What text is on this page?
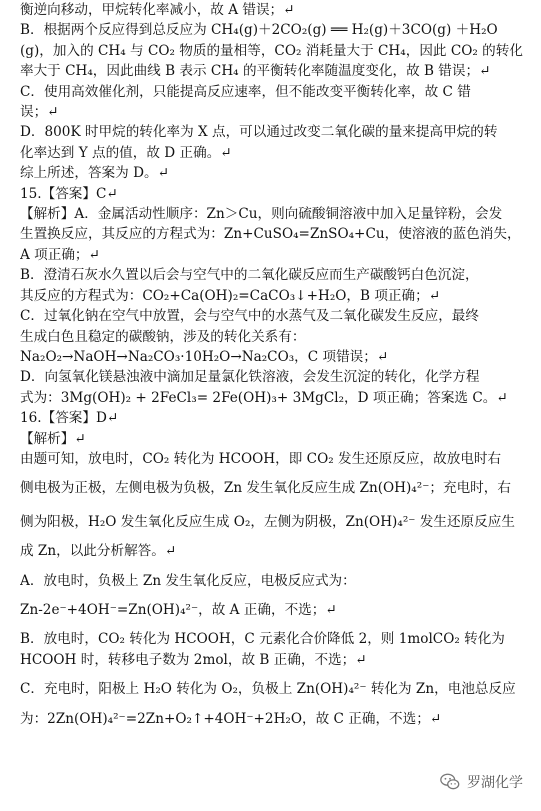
衡逆向移动，甲烷转化率减小，故 A 错误；↵
B．根据两个反应得到总反应为 CH₄(g)＋2CO₂(g) ══ H₂(g)＋3CO(g) ＋H₂O
(g)，加入的 CH₄ 与 CO₂ 物质的量相等，CO₂ 消耗量大于 CH₄，因此 CO₂ 的转化
率大于 CH₄，因此曲线 B 表示 CH₄ 的平衡转化率随温度变化，故 B 错误；↵
C．使用高效催化剂，只能提高反应速率，但不能改变平衡转化率，故 C 错
误；↵
D．800K 时甲烷的转化率为 X 点，可以通过改变二氧化碳的量来提高甲烷的转
化率达到 Y 点的值，故 D 正确。↵
综上所述，答案为 D。↵
15.【答案】C↵
【解析】A．金属活动性顺序：Zn＞Cu，则向硫酸铜溶液中加入足量锌粉，会发
生置换反应，其反应的方程式为：Zn+CuSO₄=ZnSO₄+Cu，使溶液的蓝色消失，
A 项正确；↵
B．澄清石灰水久置以后会与空气中的二氧化碳反应而生产碳酸钙白色沉淀，
其反应的方程式为：CO₂+Ca(OH)₂=CaCO₃↓+H₂O，B 项正确；↵
C．过氧化钠在空气中放置，会与空气中的水蒸气及二氧化碳发生反应，最终
生成白色且稳定的碳酸钠，涉及的转化关系有：
Na₂O₂→NaOH→Na₂CO₃·10H₂O→Na₂CO₃，C 项错误；↵
D．向氢氧化镁悬浊液中滴加足量氯化铁溶液，会发生沉淀的转化，化学方程
式为：3Mg(OH)₂ + 2FeCl₃= 2Fe(OH)₃+ 3MgCl₂，D 项正确；答案选 C。↵
16.【答案】D↵
【解析】↵
由题可知，放电时，CO₂ 转化为 HCOOH，即 CO₂ 发生还原反应，故放电时右
侧电极为正极，左侧电极为负极，Zn 发生氧化反应生成 Zn(OH)₄²⁻；充电时，右
侧为阳极，H₂O 发生氧化反应生成 O₂，左侧为阴极，Zn(OH)₄²⁻ 发生还原反应生
成 Zn，以此分析解答。↵
A．放电时，负极上 Zn 发生氧化反应，电极反应式为：
Zn-2e⁻+4OH⁻=Zn(OH)₄²⁻，故 A 正确，不选；↵
B．放电时，CO₂ 转化为 HCOOH，C 元素化合价降低 2，则 1molCO₂ 转化为
HCOOH 时，转移电子数为 2mol，故 B 正确，不选；↵
C．充电时，阳极上 H₂O 转化为 O₂，负极上 Zn(OH)₄²⁻ 转化为 Zn，电池总反应
为：2Zn(OH)₄²⁻=2Zn+O₂↑+4OH⁻+2H₂O，故 C 正确，不选；↵
罗湖化学
